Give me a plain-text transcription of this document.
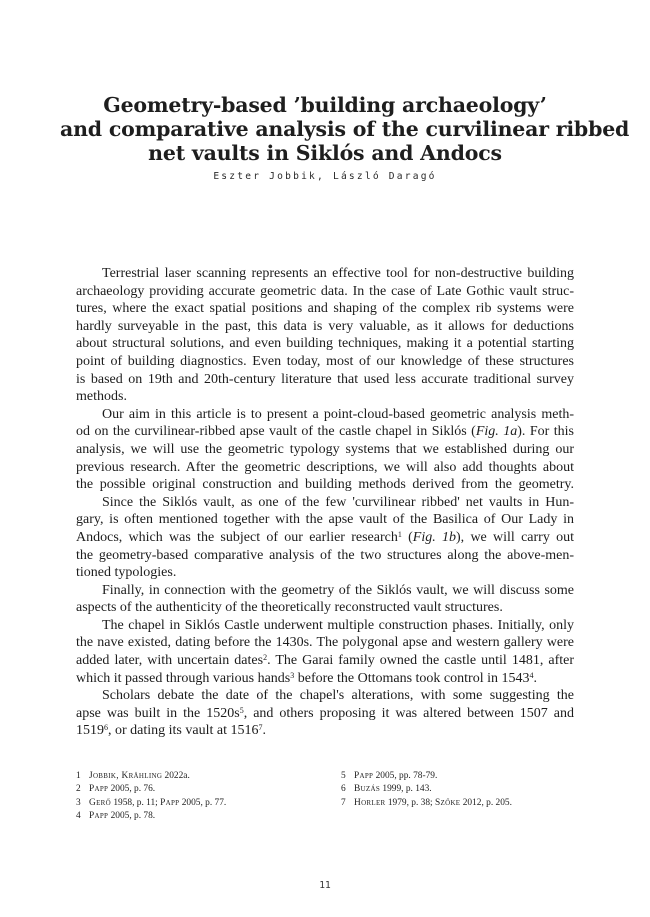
Geometry-based ’building archaeology’
and comparative analysis of the curvilinear ribbed
net vaults in Siklós and Andocs
Eszter Jobbik, László Daragó
Terrestrial laser scanning represents an effective tool for non-destructive building
archaeology providing accurate geometric data. In the case of Late Gothic vault struc-
tures, where the exact spatial positions and shaping of the complex rib systems were
hardly surveyable in the past, this data is very valuable, as it allows for deductions
about structural solutions, and even building techniques, making it a potential starting
point of building diagnostics. Even today, most of our knowledge of these structures
is based on 19th and 20th-century literature that used less accurate traditional survey
methods.
Our aim in this article is to present a point-cloud-based geometric analysis meth-
od on the curvilinear-ribbed apse vault of the castle chapel in Siklós (Fig. 1a). For this
analysis, we will use the geometric typology systems that we established during our
previous research. After the geometric descriptions, we will also add thoughts about
the possible original construction and building methods derived from the geometry.
Since the Siklós vault, as one of the few 'curvilinear ribbed' net vaults in Hun-
gary, is often mentioned together with the apse vault of the Basilica of Our Lady in
Andocs, which was the subject of our earlier research$^1$ (Fig. 1b), we will carry out
the geometry-based comparative analysis of the two structures along the above-men-
tioned typologies.
Finally, in connection with the geometry of the Siklós vault, we will discuss some
aspects of the authenticity of the theoretically reconstructed vault structures.
The chapel in Siklós Castle underwent multiple construction phases. Initially, only
the nave existed, dating before the 1430s. The polygonal apse and western gallery were
added later, with uncertain dates$^2$. The Garai family owned the castle until 1481, after
which it passed through various hands$^3$ before the Ottomans took control in 1543$^4$.
Scholars debate the date of the chapel's alterations, with some suggesting the
apse was built in the $1520s^5$, and others proposing it was altered between 1507 and
1519$^6$, or dating its vault at 1516$^7$.
1 Jobbik, Krähling 2022a.
2 Papp 2005, p. 76.
3 Gerő 1958, p. 11; Papp 2005, p. 77.
4 Papp 2005, p. 78.
5 Papp 2005, pp. 78-79.
6 Buzás 1999, p. 143.
7 Horler 1979, p. 38; Szőke 2012, p. 205.
11
